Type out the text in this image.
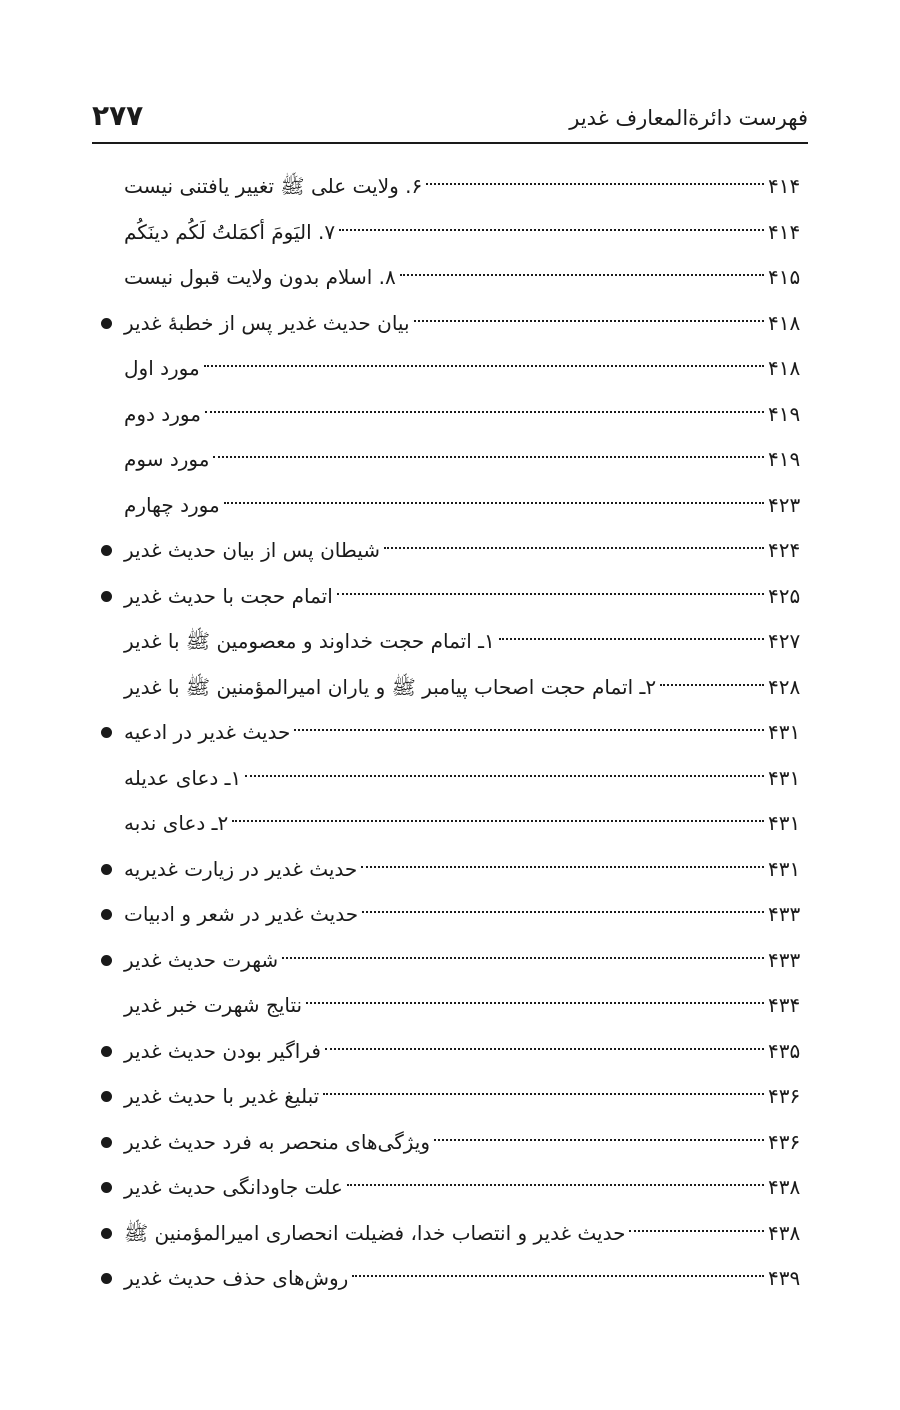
۲۷۷	فهرست دائرةالمعارف غدیر
۶. ولایت علی ﷺ تغییر یافتنی نیست	۴۱۴
۷. اليَومَ أكمَلتُ لَكُم دينَكُم	۴۱۴
۸. اسلام بدون ولایت قبول نیست	۴۱۵
بیان حدیث غدیر پس از خطبهٔ غدیر	۴۱۸
مورد اول	۴۱۸
مورد دوم	۴۱۹
مورد سوم	۴۱۹
مورد چهارم	۴۲۳
شیطان پس از بیان حدیث غدیر	۴۲۴
اتمام حجت با حدیث غدیر	۴۲۵
۱ـ اتمام حجت خداوند و معصومین ﷺ با غدیر	۴۲۷
۲ـ اتمام حجت اصحاب پیامبر ﷺ و یاران امیرالمؤمنین ﷺ با غدیر	۴۲۸
حدیث غدیر در ادعیه	۴۳۱
۱ـ دعای عدیله	۴۳۱
۲ـ دعای ندبه	۴۳۱
حدیث غدیر در زیارت غدیریه	۴۳۱
حدیث غدیر در شعر و ادبیات	۴۳۳
شهرت حدیث غدیر	۴۳۳
نتایج شهرت خبر غدیر	۴۳۴
فراگیر بودن حدیث غدیر	۴۳۵
تبلیغ غدیر با حدیث غدیر	۴۳۶
ویژگی‌های منحصر به فرد حدیث غدیر	۴۳۶
علت جاودانگی حدیث غدیر	۴۳۸
حدیث غدیر و انتصاب خدا، فضیلت انحصاری امیرالمؤمنین ﷺ	۴۳۸
روش‌های حذف حدیث غدیر	۴۳۹
